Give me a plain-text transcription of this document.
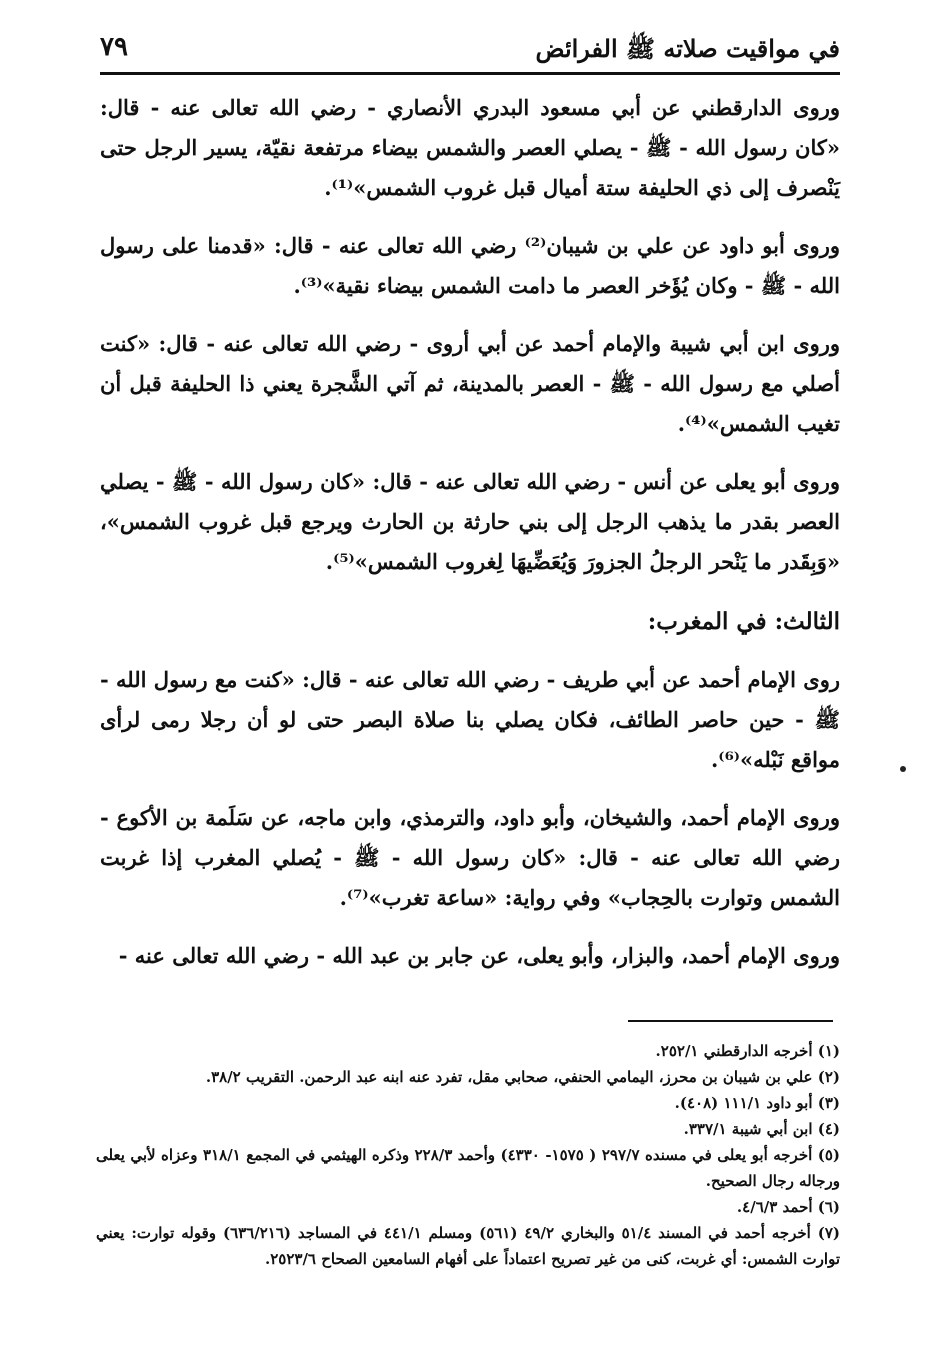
في مواقيت صلاته ﷺ الفرائض
٧٩

وروى الدارقطني عن أبي مسعود البدري الأنصاري - رضي الله تعالى عنه - قال: «كان رسول الله - ﷺ - يصلي العصر والشمس بيضاء مرتفعة نقيّة، يسير الرجل حتى يَنْصرف إلى ذي الحليفة ستة أميال قبل غروب الشمس»⁽¹⁾.

وروى أبو داود عن علي بن شيبان⁽²⁾ رضي الله تعالى عنه - قال: «قدمنا على رسول الله - ﷺ - وكان يُؤَخر العصر ما دامت الشمس بيضاء نقية»⁽³⁾.

وروى ابن أبي شيبة والإمام أحمد عن أبي أروى - رضي الله تعالى عنه - قال: «كنت أصلي مع رسول الله - ﷺ - العصر بالمدينة، ثم آتي الشَّجرة يعني ذا الحليفة قبل أن تغيب الشمس»⁽⁴⁾.

وروى أبو يعلى عن أنس - رضي الله تعالى عنه - قال: «كان رسول الله - ﷺ - يصلي العصر بقدر ما يذهب الرجل إلى بني حارثة بن الحارث ويرجع قبل غروب الشمس»، «وَبِقَدر ما يَنْحر الرجلُ الجزورَ وَيُعَضِّيهَا لِغروب الشمس»⁽⁵⁾.

الثالث: في المغرب:

روى الإمام أحمد عن أبي طريف - رضي الله تعالى عنه - قال: «كنت مع رسول الله - ﷺ - حين حاصر الطائف، فكان يصلي بنا صلاة البصر حتى لو أن رجلا رمى لرأى مواقع نَبْله»⁽⁶⁾.

وروى الإمام أحمد، والشيخان، وأبو داود، والترمذي، وابن ماجه، عن سَلَمة بن الأكوع - رضي الله تعالى عنه - قال: «كان رسول الله - ﷺ - يُصلي المغرب إذا غربت الشمس وتوارت بالحِجاب» وفي رواية: «ساعة تغرب»⁽⁷⁾.

وروى الإمام أحمد، والبزار، وأبو يعلى، عن جابر بن عبد الله - رضي الله تعالى عنه -

(١) أخرجه الدارقطني ٢٥٢/١.

(٢) علي بن شيبان بن محرز، اليمامي الحنفي، صحابي مقل، تفرد عنه ابنه عبد الرحمن. التقريب ٣٨/٢.

(٣) أبو داود ١١١/١ (٤٠٨).

(٤) ابن أبي شيبة ٣٣٧/١.

(٥) أخرجه أبو يعلى في مسنده ٢٩٧/٧ ( ١٥٧٥- ٤٣٣٠) وأحمد ٢٢٨/٣ وذكره الهيثمي في المجمع ٣١٨/١ وعزاه لأبي يعلى ورجاله رجال الصحيح.

(٦) أحمد ٤/٦/٣.

(٧) أخرجه أحمد في المسند ٥١/٤ والبخاري ٤٩/٢ (٥٦١) ومسلم ٤٤١/١ في المساجد (٦٣٦/٢١٦) وقوله توارت: يعني توارت الشمس: أي غربت، كنى من غير تصريح اعتماداً على أفهام السامعين الصحاح ٢٥٢٣/٦.
